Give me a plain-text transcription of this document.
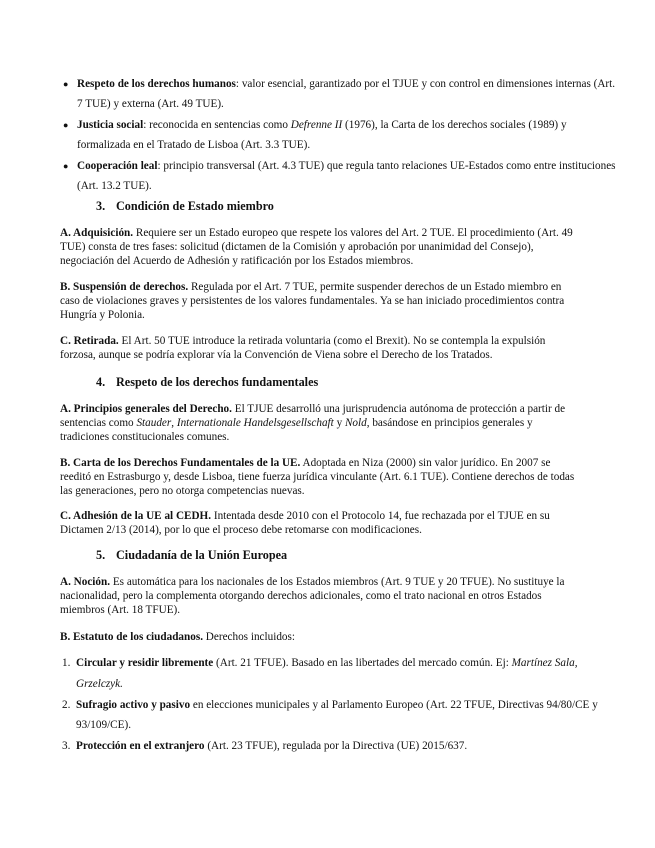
● Respeto de los derechos humanos: valor esencial, garantizado por el TJUE y con control en dimensiones internas (Art. 7 TUE) y externa (Art. 49 TUE).
● Justicia social: reconocida en sentencias como Defrenne II (1976), la Carta de los derechos sociales (1989) y formalizada en el Tratado de Lisboa (Art. 3.3 TUE).
● Cooperación leal: principio transversal (Art. 4.3 TUE) que regula tanto relaciones UE-Estados como entre instituciones (Art. 13.2 TUE).
3. Condición de Estado miembro
A. Adquisición. Requiere ser un Estado europeo que respete los valores del Art. 2 TUE. El procedimiento (Art. 49 TUE) consta de tres fases: solicitud (dictamen de la Comisión y aprobación por unanimidad del Consejo), negociación del Acuerdo de Adhesión y ratificación por los Estados miembros.
B. Suspensión de derechos. Regulada por el Art. 7 TUE, permite suspender derechos de un Estado miembro en caso de violaciones graves y persistentes de los valores fundamentales. Ya se han iniciado procedimientos contra Hungría y Polonia.
C. Retirada. El Art. 50 TUE introduce la retirada voluntaria (como el Brexit). No se contempla la expulsión forzosa, aunque se podría explorar vía la Convención de Viena sobre el Derecho de los Tratados.
4. Respeto de los derechos fundamentales
A. Principios generales del Derecho. El TJUE desarrolló una jurisprudencia autónoma de protección a partir de sentencias como Stauder, Internationale Handelsgesellschaft y Nold, basándose en principios generales y tradiciones constitucionales comunes.
B. Carta de los Derechos Fundamentales de la UE. Adoptada en Niza (2000) sin valor jurídico. En 2007 se reeditó en Estrasburgo y, desde Lisboa, tiene fuerza jurídica vinculante (Art. 6.1 TUE). Contiene derechos de todas las generaciones, pero no otorga competencias nuevas.
C. Adhesión de la UE al CEDH. Intentada desde 2010 con el Protocolo 14, fue rechazada por el TJUE en su Dictamen 2/13 (2014), por lo que el proceso debe retomarse con modificaciones.
5. Ciudadanía de la Unión Europea
A. Noción. Es automática para los nacionales de los Estados miembros (Art. 9 TUE y 20 TFUE). No sustituye la nacionalidad, pero la complementa otorgando derechos adicionales, como el trato nacional en otros Estados miembros (Art. 18 TFUE).
B. Estatuto de los ciudadanos. Derechos incluidos:
1. Circular y residir libremente (Art. 21 TFUE). Basado en las libertades del mercado común. Ej: Martínez Sala, Grzelczyk.
2. Sufragio activo y pasivo en elecciones municipales y al Parlamento Europeo (Art. 22 TFUE, Directivas 94/80/CE y 93/109/CE).
3. Protección en el extranjero (Art. 23 TFUE), regulada por la Directiva (UE) 2015/637.
